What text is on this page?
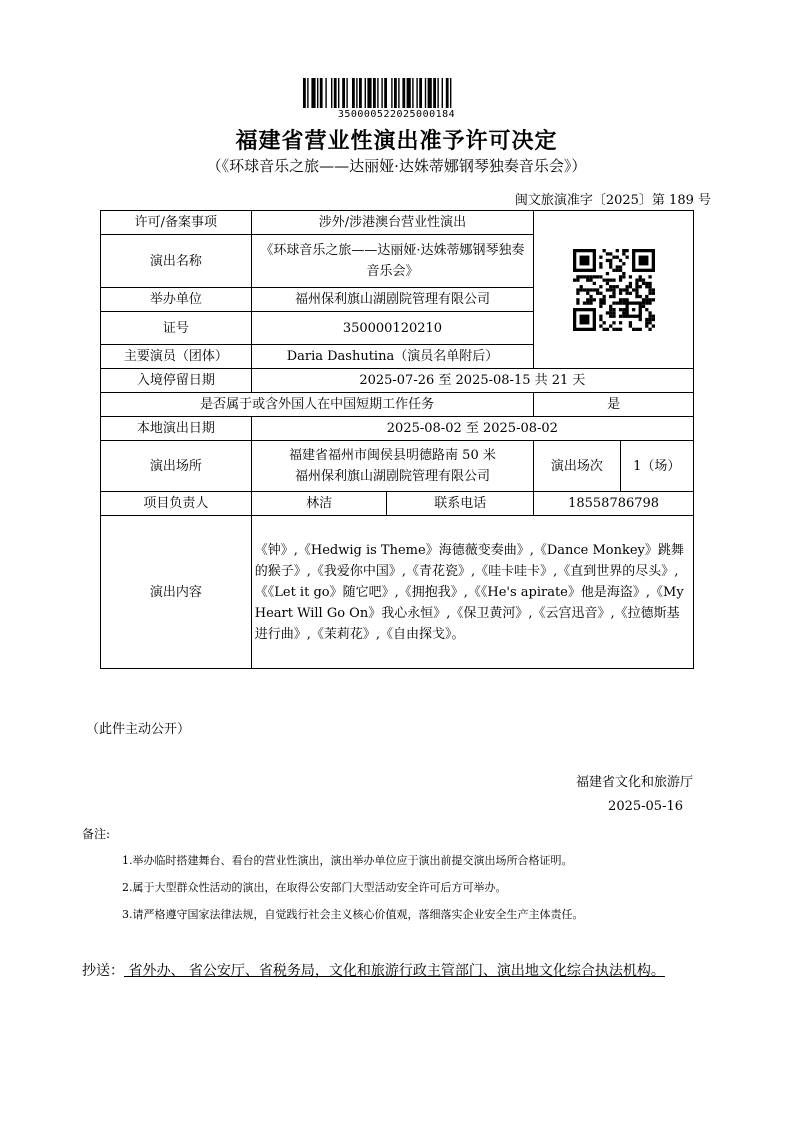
350000522025000184
福建省营业性演出准予许可决定
（《环球音乐之旅——达丽娅·达姝蒂娜钢琴独奏音乐会》）
闽文旅演准字〔2025〕第 189 号
许可/备案事项	涉外/涉港澳台营业性演出	

演出名称	《环球音乐之旅——达丽娅·达姝蒂娜钢琴独奏音乐会》			
举办单位	福州保利旗山湖剧院管理有限公司			
证号	350000120210			
主要演员（团体）	Daria Dashutina（演员名单附后）			
入境停留日期	2025-07-26 至 2025-08-15 共 21 天			
是否属于或含外国人在中国短期工作任务			是	
本地演出日期	2025-08-02 至 2025-08-02			
演出场所	福建省福州市闽侯县明德路南 50 米
福州保利旗山湖剧院管理有限公司		演出场次	1（场）
项目负责人	林洁	联系电话	18558786798	
演出内容	《钟》,《Hedwig is Theme》海德薇变奏曲》,《Dance Monkey》跳舞的猴子》,《我爱你中国》,《青花瓷》,《哇卡哇卡》,《直到世界的尽头》,《《Let it go》随它吧》,《拥抱我》,《《He's apirate》他是海盗》,《My Heart Will Go On》我心永恒》,《保卫黄河》,《云宫迅音》,《拉德斯基进行曲》,《茉莉花》,《自由探戈》。			
（此件主动公开）
福建省文化和旅游厅
2025-05-16
备注:
1.举办临时搭建舞台、看台的营业性演出，演出举办单位应于演出前提交演出场所合格证明。
2.属于大型群众性活动的演出，在取得公安部门大型活动安全许可后方可举办。
3.请严格遵守国家法律法规，自觉践行社会主义核心价值观，落细落实企业安全生产主体责任。
抄送： 省外办、 省公安厅、省税务局，文化和旅游行政主管部门、演出地文化综合执法机构。
